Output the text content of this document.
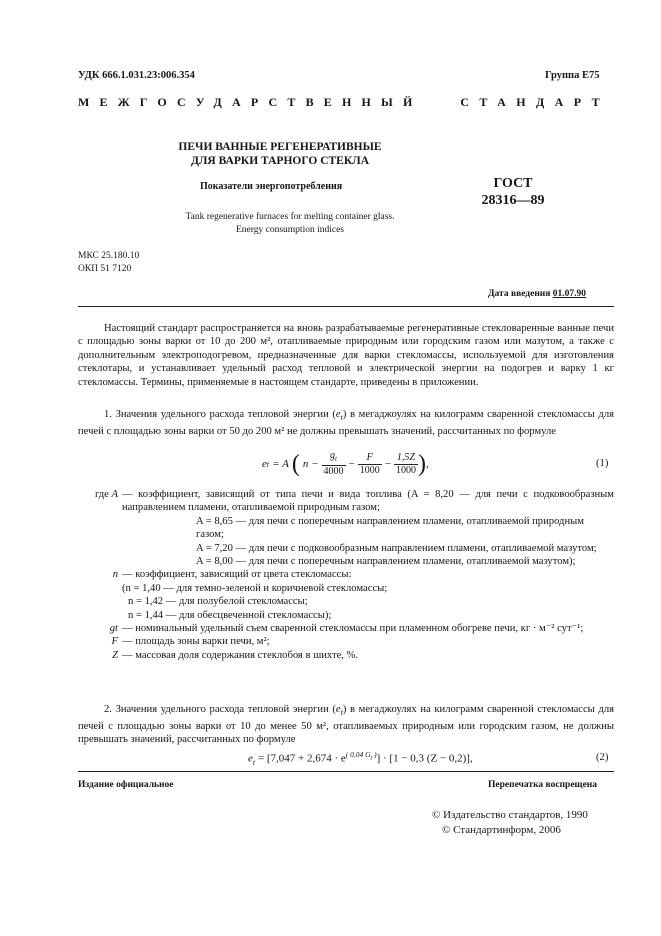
УДК 666.1.031.23:006.354	Группа Е75
МЕЖГОСУДАРСТВЕННЫЙ	СТАНДАРТ
ПЕЧИ ВАННЫЕ РЕГЕНЕРАТИВНЫЕ
ДЛЯ ВАРКИ ТАРНОГО СТЕКЛА
Показатели энергопотребления	ГОСТ
28316—89
Tank regenerative furnaces for melting container glass.
Energy consumption indices
МКС 25.180.10
ОКП 51 7120
Дата введения 01.07.90
Настоящий стандарт распространяется на вновь разрабатываемые регенеративные стекловаренные ванные печи с площадью зоны варки от 10 до 200 м², отапливаемые природным или городским газом или мазутом, а также с дополнительным электроподогревом, предназначенные для варки стекломассы, используемой для изготовления стеклотары, и устанавливает удельный расход тепловой и электрической энергии на подогрев и варку 1 кг стекломассы. Термины, применяемые в настоящем стандарте, приведены в приложении.
1. Значения удельного расхода тепловой энергии $(e_t)$ в мегаджоулях на килограмм сваренной стекломассы для печей с площадью зоны варки от 50 до 200 м² не должны превышать значений, рассчитанных по формуле
e t = A ( $n - \frac{g_t}{4000} - \frac{F}{1000} - \frac{1,5Z}{1000}$ ) ,	(1)
где A — коэффициент, зависящий от типа печи и вида топлива (A = 8,20 — для печи с подковообразным направлением пламени, отапливаемой природным газом;
A = 8,65 — для печи с поперечным направлением пламени, отапливаемой природным газом;
A = 7,20 — для печи с подковообразным направлением пламени, отапливаемой мазутом;
A = 8,00 — для печи с поперечным направлением пламени, отапливаемой мазутом);
n — коэффициент, зависящий от цвета стекломассы:
(n = 1,40 — для темно-зеленой и коричневой стекломассы;
n = 1,42 — для полубелой стекломассы;
n = 1,44 — для обесцвеченной стекломассы);
gt — номинальный удельный съем сваренной стекломассы при пламенном обогреве печи, кг · м⁻² сут⁻¹;
F — площадь зоны варки печи, м²;
Z — массовая доля содержания стеклобоя в шихте, %.
2. Значения удельного расхода тепловой энергии $(e_t)$ в мегаджоулях на килограмм сваренной стекломассы для печей с площадью зоны варки от 10 до менее 50 м², отапливаемых природным или городским газом, не должны превышать значений, рассчитанных по формуле
$e_t = [7,047 + 2,674 \cdot e^{( 0,04 G_t )}] \cdot [1 - 0,3$ (Z − 0,2)],	(2)
Издание официальное	Перепечатка воспрещена
© Издательство стандартов, 1990
© Стандартинформ, 2006
